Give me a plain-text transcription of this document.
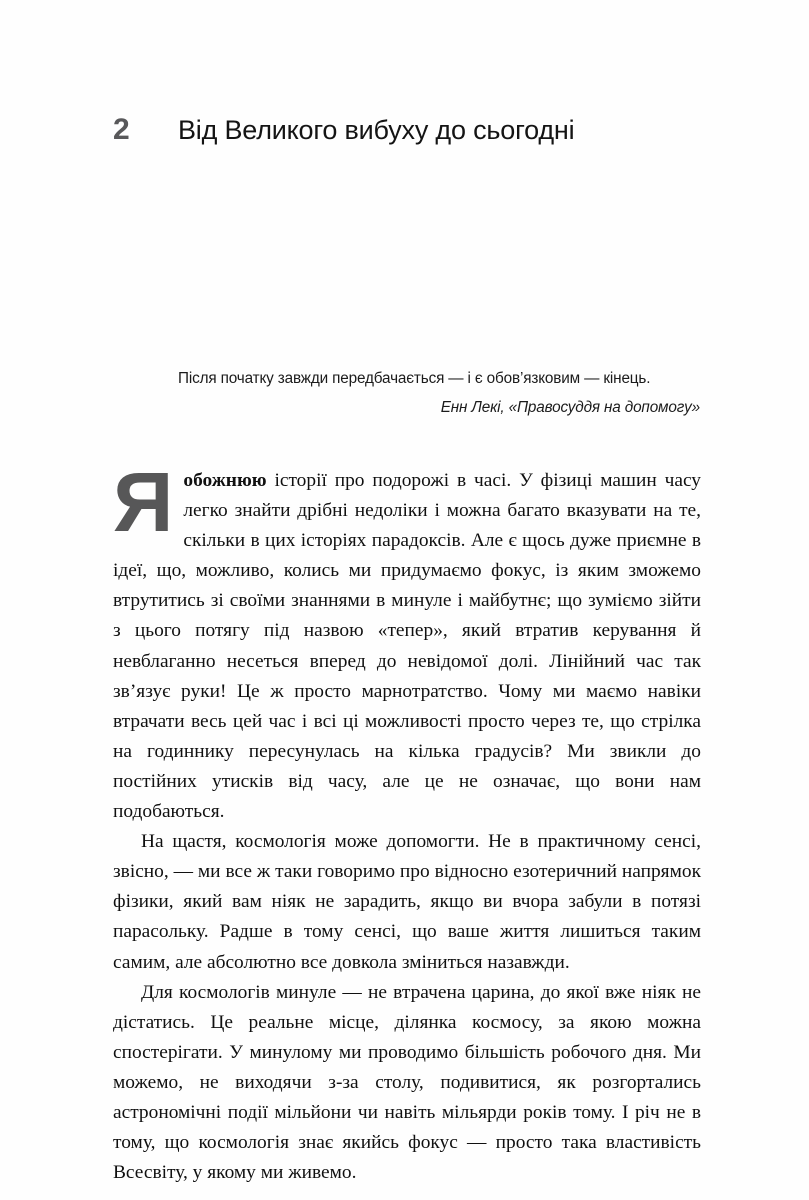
2	Від Великого вибуху до сьогодні
Після початку завжди передбачається — і є обов’язковим — кінець.
Енн Лекі, «Правосуддя на допомогу»

Яобожнюю історії про подорожі в часі. У фізиці машин часу легко знайти дрібні недоліки і можна багато вказувати на те, скільки в цих історіях парадоксів. Але є щось дуже приємне в ідеї, що, можливо, колись ми придумаємо фокус, із яким зможемо втрутитись зі своїми знаннями в минуле і майбутнє; що зуміємо зійти з цього потягу під назвою «тепер», який втратив керування й невблаганно несеться вперед до невідомої долі. Лінійний час так зв’язує руки! Це ж просто марнотратство. Чому ми маємо навіки втрачати весь цей час і всі ці можливості просто через те, що стрілка на годиннику пересунулась на кілька градусів? Ми звикли до постійних утисків від часу, але це не означає, що вони нам подобаються.

На щастя, космологія може допомогти. Не в практичному сенсі, звісно, — ми все ж таки говоримо про відносно езотеричний напрямок фізики, який вам ніяк не зарадить, якщо ви вчора забули в потязі парасольку. Радше в тому сенсі, що ваше життя лишиться таким самим, але абсолютно все довкола зміниться назавжди.

Для космологів минуле — не втрачена царина, до якої вже ніяк не дістатись. Це реальне місце, ділянка космосу, за якою можна спостерігати. У минулому ми проводимо більшість робочого дня. Ми можемо, не виходячи з-за столу, подивитися, як розгортались астрономічні події мільйони чи навіть мільярди років тому. І річ не в тому, що космологія знає якийсь фокус — просто така властивість Всесвіту, у якому ми живемо.
